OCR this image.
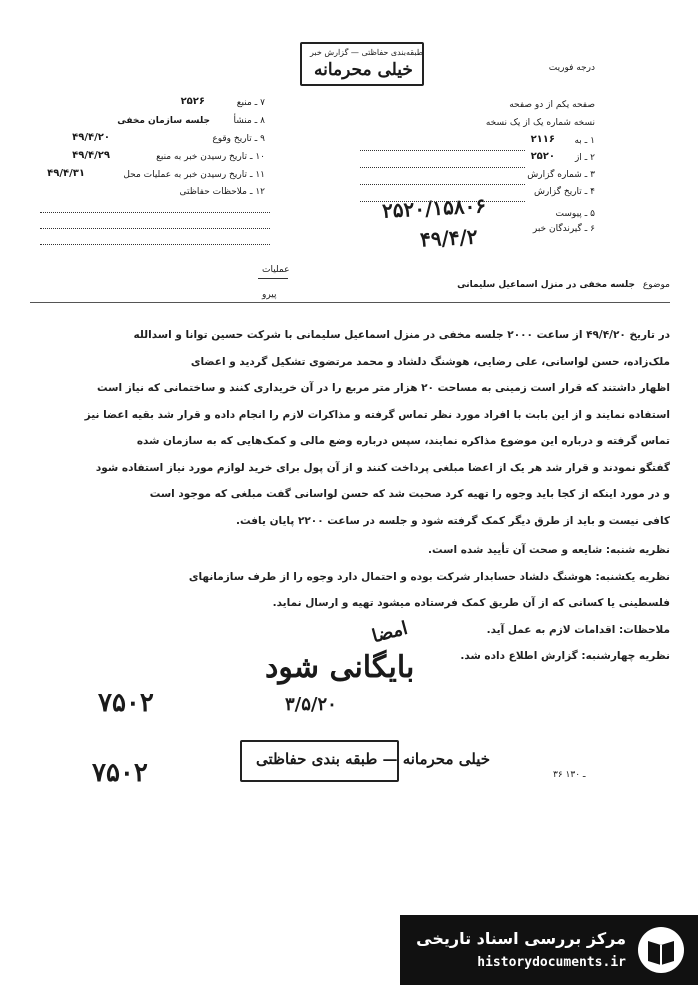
درجه فوریت
طبقه‌بندی حفاظتی — گزارش خبر
خیلی محرمانه
صفحه یکم از دو صفحه
نسخه شماره یک از یک نسخه
۱ ـ به
۲۱۱۶
۲ ـ از
۲۵۲۰
۳ ـ شماره گزارش
۴ ـ تاریخ گزارش
۵ ـ پیوست
۶ ـ گیرندگان خبر
۷ ـ منبع
۲۵۲۶
۸ ـ منشأ
جلسه سازمان مخفی
۹ ـ تاریخ وقوع
۴۹/۴/۲۰
۱۰ ـ تاریخ رسیدن خبر به منبع
۴۹/۴/۲۹
۱۱ ـ تاریخ رسیدن خبر به عملیات محل
۴۹/۴/۳۱
۱۲ ـ ملاحظات حفاظتی
۲۵۲۰/۱۵۸۰۶
۴۹/۴/۲
عملیات
پیرو
موضوع
جلسه مخفی در منزل اسماعیل سلیمانی
در تاریخ ۴۹/۴/۲۰ از ساعت ۲۰۰۰ جلسه مخفی در منزل اسماعیل سلیمانی با شرکت حسین توانا و اسدالله
ملک‌زاده، حسن لواسانی، علی رضایی، هوشنگ دلشاد و محمد مرتضوی تشکیل گردید و اعضای
اظهار داشتند که قرار است زمینی به مساحت ۲۰ هزار متر مربع را در آن خریداری کنند و ساختمانی که نیاز است
استفاده نمایند و از این بابت با افراد مورد نظر تماس گرفته و مذاکرات لازم را انجام داده و قرار شد بقیه اعضا نیز
تماس گرفته و درباره این موضوع مذاکره نمایند، سپس درباره وضع مالی و کمک‌هایی که به سازمان شده
گفتگو نمودند و قرار شد هر یک از اعضا مبلغی پرداخت کنند و از آن پول برای خرید لوازم مورد نیاز استفاده شود
و در مورد اینکه از کجا باید وجوه را تهیه کرد صحبت شد که حسن لواسانی گفت مبلغی که موجود است
کافی نیست و باید از طرق دیگر کمک گرفته شود و جلسه در ساعت ۲۲۰۰ پایان یافت.
نظریه شنبه: شایعه و صحت آن تأیید شده است.
نظریه یکشنبه: هوشنگ دلشاد حسابدار شرکت بوده و احتمال دارد وجوه را از طرف سازمانهای
فلسطینی یا کسانی که از آن طریق کمک فرستاده میشود تهیه و ارسال نماید.
ملاحظات: اقدامات لازم به عمل آید.
نظریه چهارشنبه: گزارش اطلاع داده شد.
امضا
بایگانی شود
۳/۵/۲۰
۷۵۰۲
۷۵۰۲	خیلی محرمانه — طبقه بندی حفاظتی
۳۶ ـ ۱۳۰
مرکز بررسی اسناد تاریخی
historydocuments.ir
